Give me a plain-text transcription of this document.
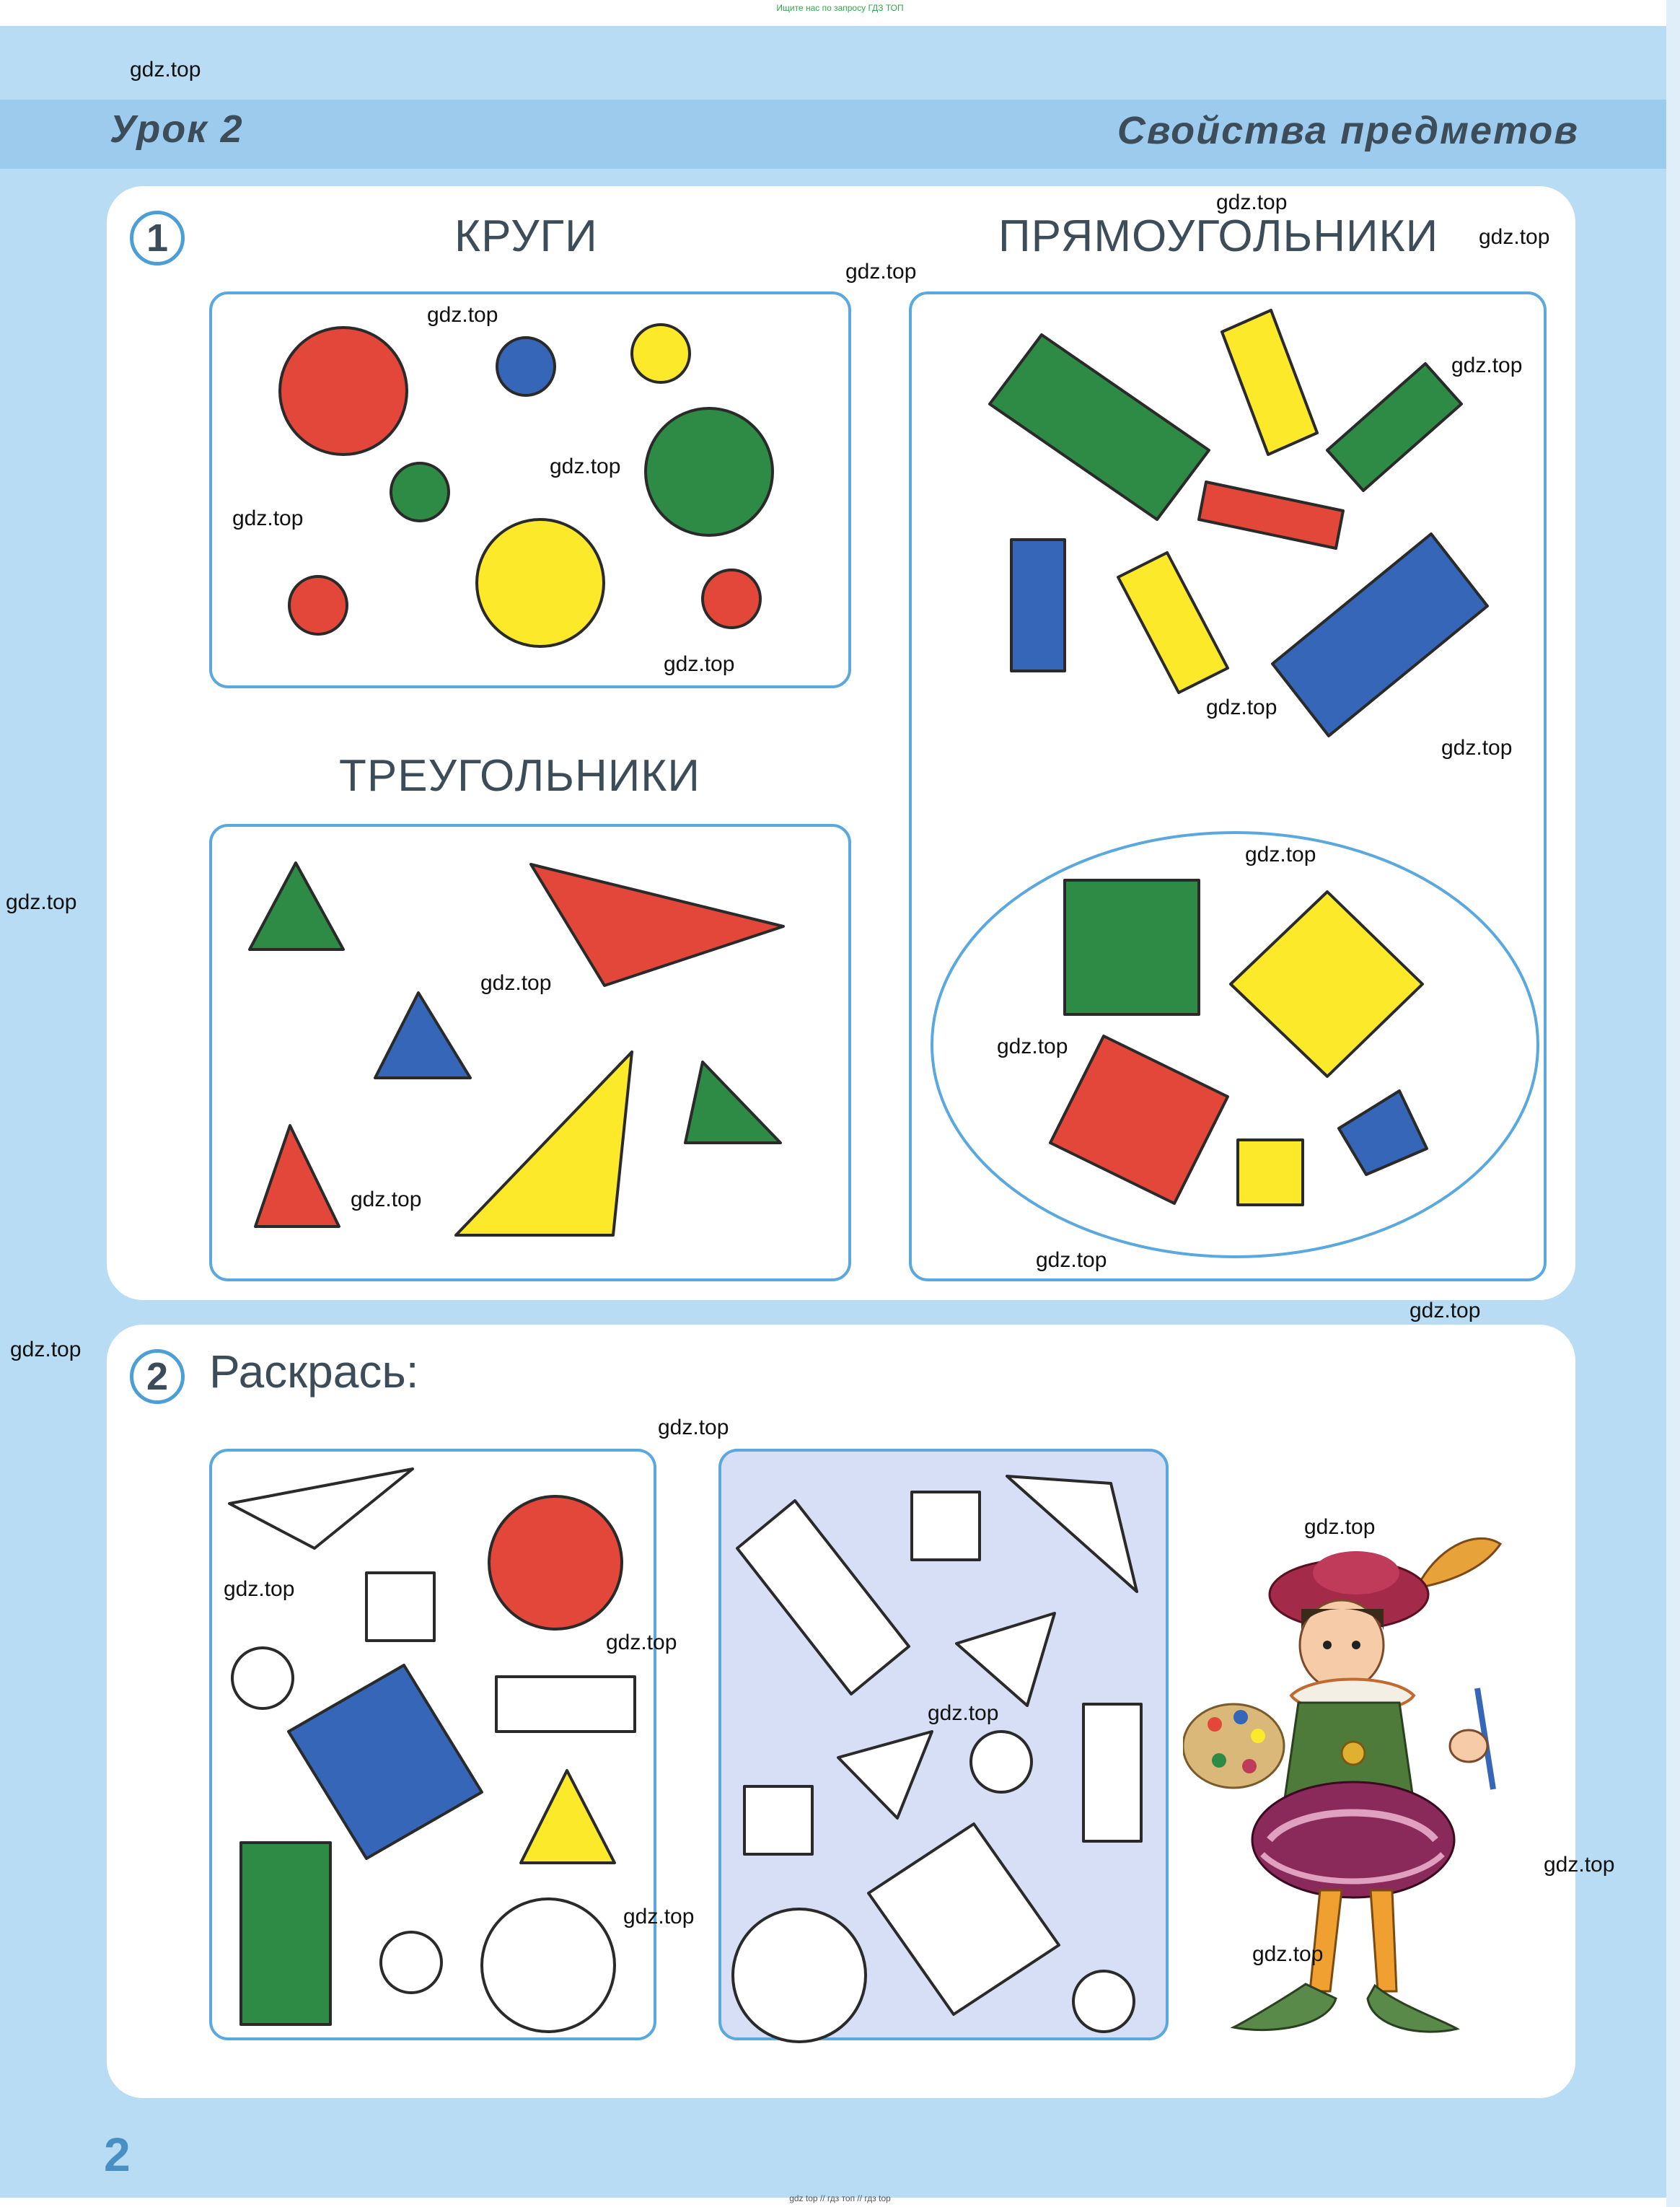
Ищите нас по запросу ГДЗ ТОП
Урок 2	Свойства предметов
1	КРУГИ	ПРЯМОУГОЛЬНИКИ
ТРЕУГОЛЬНИКИ
2 Раскрась:
2
gdz top // гдз топ // гдз top
gdz.top
gdz.top
gdz.top
gdz.top
gdz.top
gdz.top
gdz.top
gdz.top
gdz.top
gdz.top
gdz.top
gdz.top
gdz.top
gdz.top
gdz.top
gdz.top
gdz.top
gdz.top
gdz.top
gdz.top
gdz.top
gdz.top
gdz.top
gdz.top
gdz.top
gdz.top
gdz.top
